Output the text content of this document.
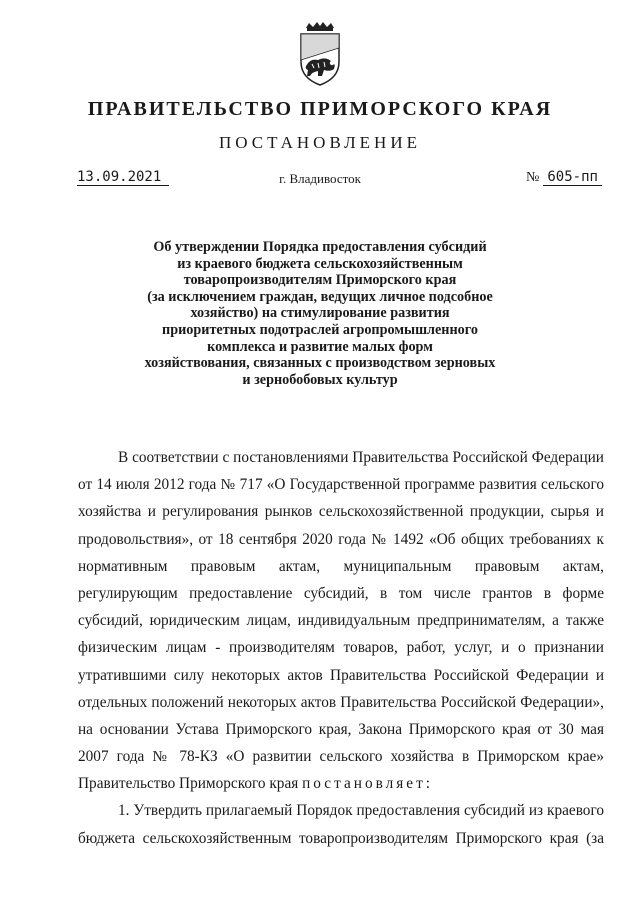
ПРАВИТЕЛЬСТВО ПРИМОРСКОГО КРАЯ
ПОСТАНОВЛЕНИЕ
13.09.2021	г. Владивосток	№ 605-пп
Об утверждении Порядка предоставления субсидий
из краевого бюджета сельскохозяйственным
товаропроизводителям Приморского края
(за исключением граждан, ведущих личное подсобное
хозяйство) на стимулирование развития
приоритетных подотраслей агропромышленного
комплекса и развитие малых форм
хозяйствования, связанных с производством зерновых
и зернобобовых культур
В соответствии с постановлениями Правительства Российской Федерации
от 14 июля 2012 года № 717 «О Государственной программе развития сельского
хозяйства и регулирования рынков сельскохозяйственной продукции, сырья и
продовольствия», от 18 сентября 2020 года № 1492 «Об общих требованиях к
нормативным правовым актам, муниципальным правовым актам,
регулирующим предоставление субсидий, в том числе грантов в форме
субсидий, юридическим лицам, индивидуальным предпринимателям, а также
физическим лицам - производителям товаров, работ, услуг, и о признании
утратившими силу некоторых актов Правительства Российской Федерации и
отдельных положений некоторых актов Правительства Российской Федерации»,
на основании Устава Приморского края, Закона Приморского края от 30 мая
2007 года № 78-КЗ «О развитии сельского хозяйства в Приморском крае»
Правительство Приморского края постановляет:
1. Утвердить прилагаемый Порядок предоставления субсидий из краевого
бюджета сельскохозяйственным товаропроизводителям Приморского края (за
